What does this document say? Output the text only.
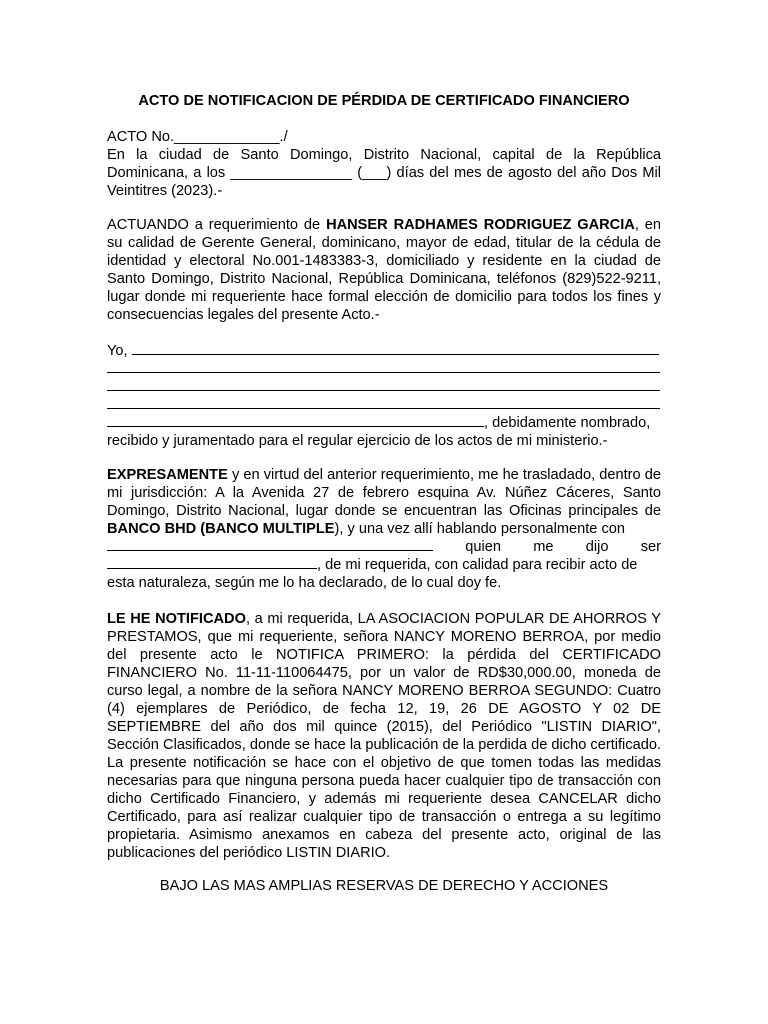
ACTO DE NOTIFICACION DE PÉRDIDA DE CERTIFICADO FINANCIERO
ACTO No._____________./
En la ciudad de Santo Domingo, Distrito Nacional, capital de la República Dominicana, a los _______________ (___) días del mes de agosto del año Dos Mil Veintitres (2023).-
ACTUANDO a requerimiento de HANSER RADHAMES RODRIGUEZ GARCIA, en su calidad de Gerente General, dominicano, mayor de edad, titular de la cédula de identidad y electoral No.001-1483383-3, domiciliado y residente en la ciudad de Santo Domingo, Distrito Nacional, República Dominicana, teléfonos (829)522-9211, lugar donde mi requeriente hace formal elección de domicilio para todos los fines y consecuencias legales del presente Acto.-
Yo,
, debidamente nombrado,
recibido y juramentado para el regular ejercicio de los actos de mi ministerio.-
EXPRESAMENTE y en virtud del anterior requerimiento, me he trasladado, dentro de mi jurisdicción: A la Avenida 27 de febrero esquina Av. Núñez Cáceres, Santo Domingo, Distrito Nacional, lugar donde se encuentran las Oficinas principales de BANCO BHD (BANCO MULTIPLE), y una vez allí hablando personalmente con
quien me dijo ser
, de mi requerida, con calidad para recibir acto de
esta naturaleza, según me lo ha declarado, de lo cual doy fe.
LE HE NOTIFICADO, a mi requerida, LA ASOCIACION POPULAR DE AHORROS Y PRESTAMOS, que mi requeriente, señora NANCY MORENO BERROA, por medio del presente acto le NOTIFICA PRIMERO: la pérdida del CERTIFICADO FINANCIERO No. 11-11-110064475, por un valor de RD$30,000.00, moneda de curso legal, a nombre de la señora NANCY MORENO BERROA SEGUNDO: Cuatro (4) ejemplares de Periódico, de fecha 12, 19, 26 DE AGOSTO Y 02 DE SEPTIEMBRE del año dos mil quince (2015), del Periódico "LISTIN DIARIO", Sección Clasificados, donde se hace la publicación de la perdida de dicho certificado. La presente notificación se hace con el objetivo de que tomen todas las medidas necesarias para que ninguna persona pueda hacer cualquier tipo de transacción con dicho Certificado Financiero, y además mi requeriente desea CANCELAR dicho Certificado, para así realizar cualquier tipo de transacción o entrega a su legítimo propietaria. Asimismo anexamos en cabeza del presente acto, original de las publicaciones del periódico LISTIN DIARIO.
BAJO LAS MAS AMPLIAS RESERVAS DE DERECHO Y ACCIONES
